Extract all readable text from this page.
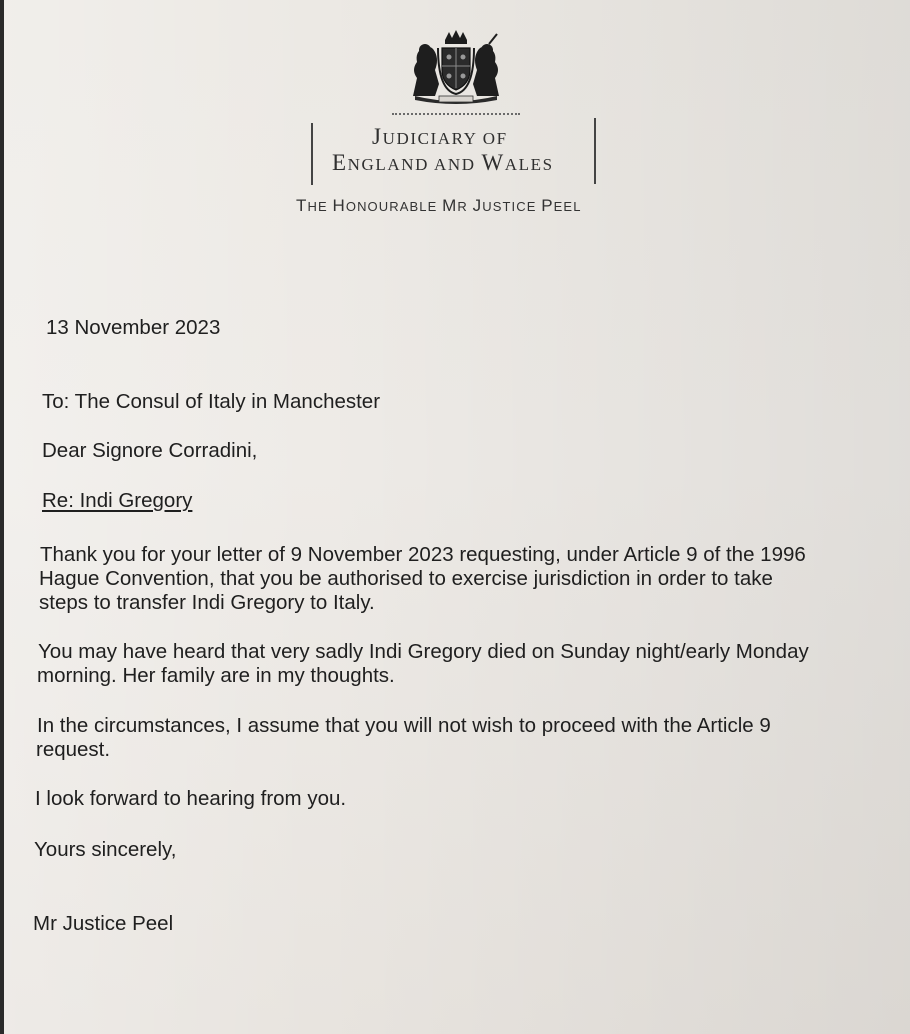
JUDICIARY OF
ENGLAND AND WALES
THE HONOURABLE MR JUSTICE PEEL
13 November 2023
To: The Consul of Italy in Manchester
Dear Signore Corradini,
Re: Indi Gregory
Thank you for your letter of 9 November 2023 requesting, under Article 9 of the 1996
Hague Convention, that you be authorised to exercise jurisdiction in order to take
steps to transfer Indi Gregory to Italy.
You may have heard that very sadly Indi Gregory died on Sunday night/early Monday
morning. Her family are in my thoughts.
In the circumstances, I assume that you will not wish to proceed with the Article 9
request.
I look forward to hearing from you.
Yours sincerely,
Mr Justice Peel
